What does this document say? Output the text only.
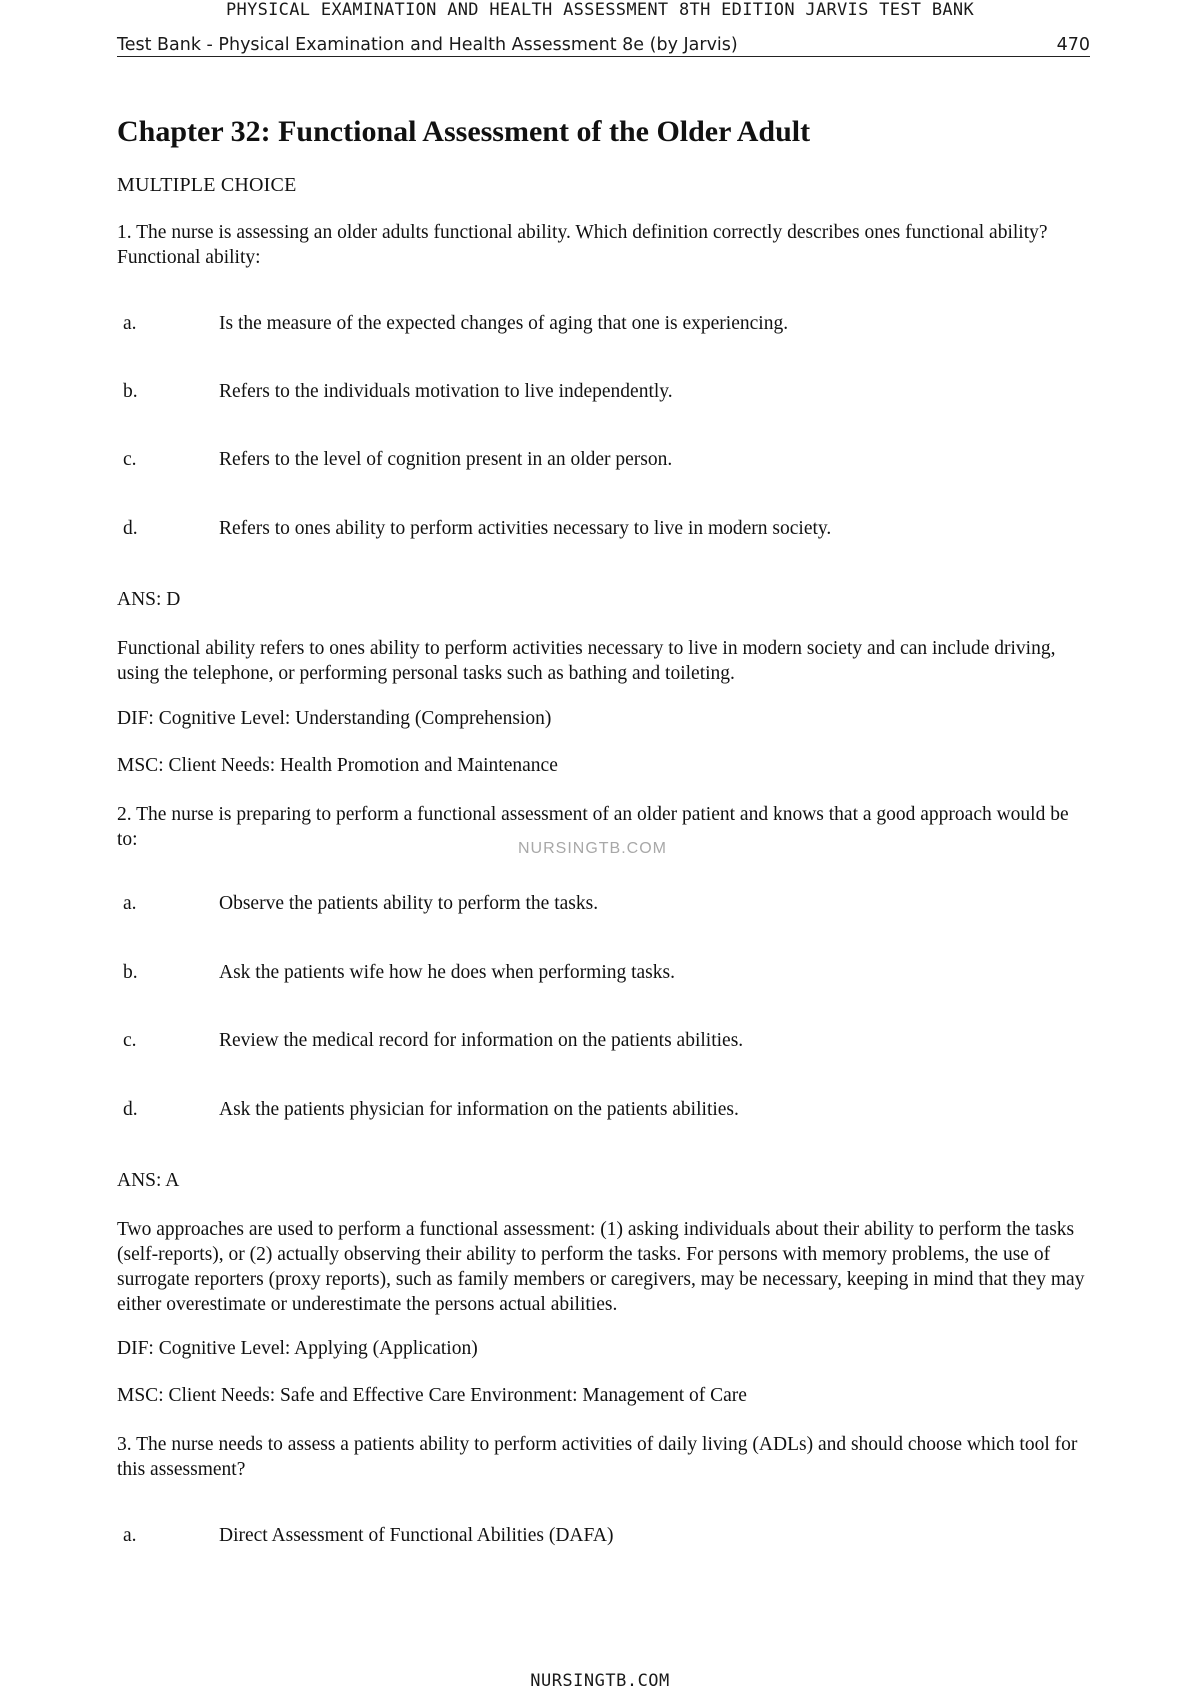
PHYSICAL EXAMINATION AND HEALTH ASSESSMENT 8TH EDITION JARVIS TEST BANK
Test Bank - Physical Examination and Health Assessment 8e (by Jarvis)	470
Chapter 32: Functional Assessment of the Older Adult
MULTIPLE CHOICE
1. The nurse is assessing an older adults functional ability. Which definition correctly describes ones functional ability? Functional ability:
a.	Is the measure of the expected changes of aging that one is experiencing.
b.	Refers to the individuals motivation to live independently.
c.	Refers to the level of cognition present in an older person.
d.	Refers to ones ability to perform activities necessary to live in modern society.
ANS: D
Functional ability refers to ones ability to perform activities necessary to live in modern society and can include driving, using the telephone, or performing personal tasks such as bathing and toileting.
DIF: Cognitive Level: Understanding (Comprehension)
MSC: Client Needs: Health Promotion and Maintenance
2. The nurse is preparing to perform a functional assessment of an older patient and knows that a good approach would be to:	NURSINGTB.COM
a.	Observe the patients ability to perform the tasks.
b.	Ask the patients wife how he does when performing tasks.
c.	Review the medical record for information on the patients abilities.
d.	Ask the patients physician for information on the patients abilities.
ANS: A
Two approaches are used to perform a functional assessment: (1) asking individuals about their ability to perform the tasks (self-reports), or (2) actually observing their ability to perform the tasks. For persons with memory problems, the use of surrogate reporters (proxy reports), such as family members or caregivers, may be necessary, keeping in mind that they may either overestimate or underestimate the persons actual abilities.
DIF: Cognitive Level: Applying (Application)
MSC: Client Needs: Safe and Effective Care Environment: Management of Care
3. The nurse needs to assess a patients ability to perform activities of daily living (ADLs) and should choose which tool for this assessment?
a.	Direct Assessment of Functional Abilities (DAFA)
NURSINGTB.COM
